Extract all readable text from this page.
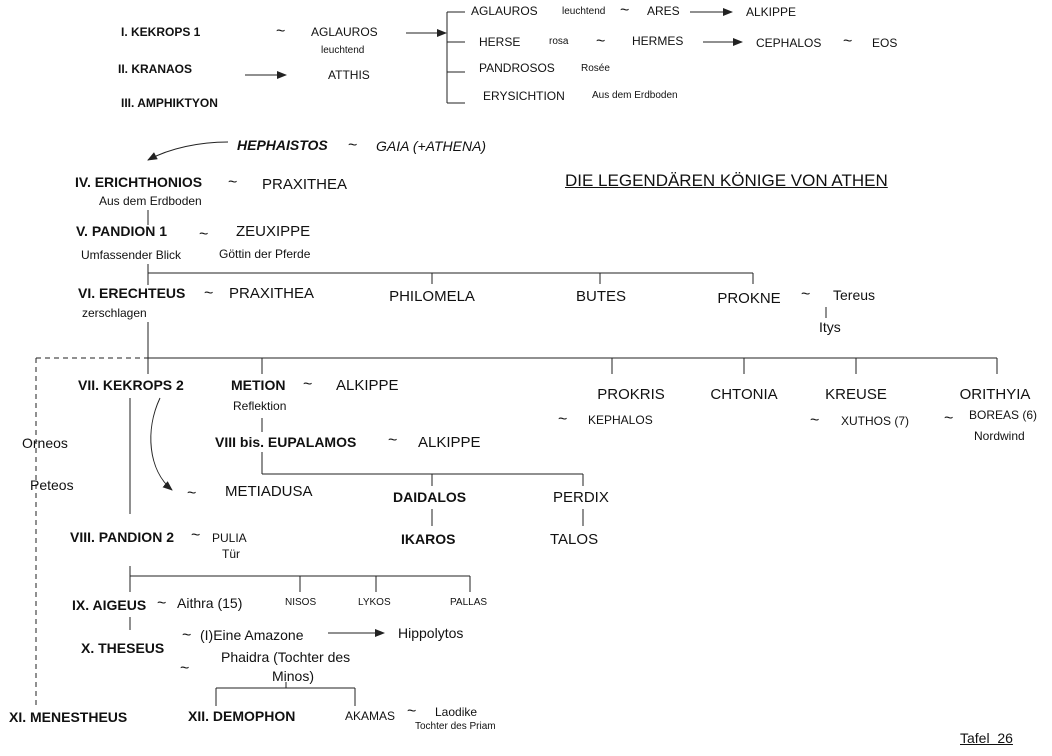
DIE LEGENDÄREN KÖNIGE VON ATHEN
I. KEKROPS 1
II. KRANAOS
III. AMPHIKTYON
IV. ERICHTHONIOS
V. PANDION 1
VI. ERECHTEUS
VII. KEKROPS 2
VIII bis. EUPALAMOS
VIII. PANDION 2
IX. AIGEUS
X. THESEUS
XI. MENESTHEUS	XII. DEMOPHON
~
~
~	~
~
~
~
~	~
~
~
~
~	~	~
~
~
~
~
~
AGLAUROS
leuchtend
ATTHIS
AGLAUROS leuchtend	ARES	ALKIPPE
HERSE	rosa	HERMES	CEPHALOS	EOS
PANDROSOS	Rosée
ERYSICHTION	Aus dem Erdboden
HEPHAISTOS	GAIA (+ATHENA)
Aus dem Erdboden
PRAXITHEA
ZEUXIPPE
Umfassender Blick	Göttin der Pferde
PRAXITHEA
zerschlagen
PHILOMELA	BUTES	PROKNE	Tereus
Itys
METION
Reflektion
ALKIPPE
ALKIPPE
METIADUSA	DAIDALOS	PERDIX
IKAROS	TALOS
PROKRIS
KEPHALOS
CHTONIA	KREUSE
XUTHOS (7)
ORITHYIA
BOREAS (6)
Nordwind
Orneos
Peteos
PULIA
Tür
Aithra (15)	NISOS	LYKOS	PALLAS
(I)Eine Amazone	Hippolytos
Phaidra (Tochter des
Minos)
AKAMAS	Laodike
Tochter des Priam
Tafel  26
